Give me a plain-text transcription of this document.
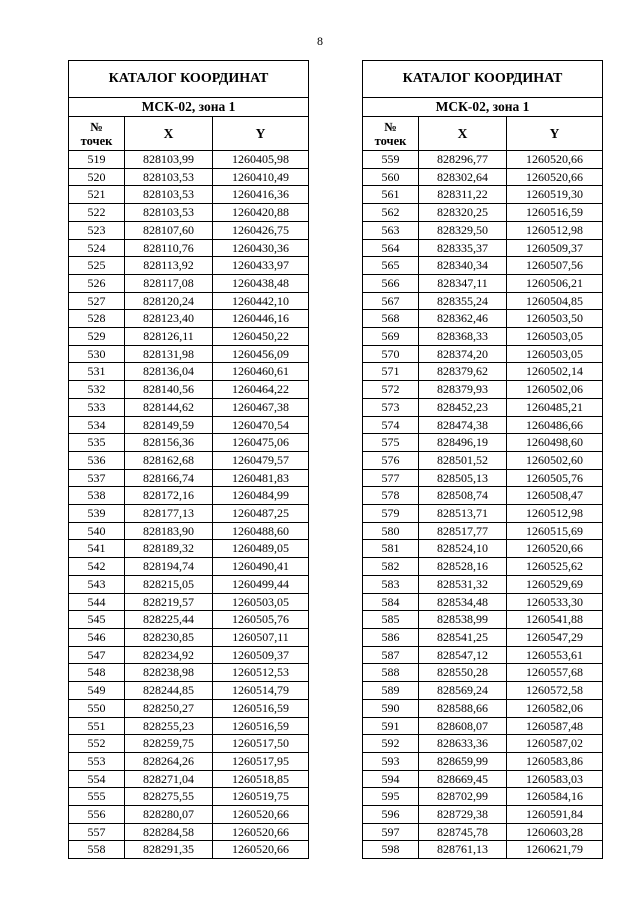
8
КАТАЛОГ КООРДИНАТ		
МСК-02, зона 1		
№
точек	X	Y
519	828103,99	1260405,98
520	828103,53	1260410,49
521	828103,53	1260416,36
522	828103,53	1260420,88
523	828107,60	1260426,75
524	828110,76	1260430,36
525	828113,92	1260433,97
526	828117,08	1260438,48
527	828120,24	1260442,10
528	828123,40	1260446,16
529	828126,11	1260450,22
530	828131,98	1260456,09
531	828136,04	1260460,61
532	828140,56	1260464,22
533	828144,62	1260467,38
534	828149,59	1260470,54
535	828156,36	1260475,06
536	828162,68	1260479,57
537	828166,74	1260481,83
538	828172,16	1260484,99
539	828177,13	1260487,25
540	828183,90	1260488,60
541	828189,32	1260489,05
542	828194,74	1260490,41
543	828215,05	1260499,44
544	828219,57	1260503,05
545	828225,44	1260505,76
546	828230,85	1260507,11
547	828234,92	1260509,37
548	828238,98	1260512,53
549	828244,85	1260514,79
550	828250,27	1260516,59
551	828255,23	1260516,59
552	828259,75	1260517,50
553	828264,26	1260517,95
554	828271,04	1260518,85
555	828275,55	1260519,75
556	828280,07	1260520,66
557	828284,58	1260520,66
558	828291,35	1260520,66
КАТАЛОГ КООРДИНАТ		
МСК-02, зона 1		
№
точек	X	Y
559	828296,77	1260520,66
560	828302,64	1260520,66
561	828311,22	1260519,30
562	828320,25	1260516,59
563	828329,50	1260512,98
564	828335,37	1260509,37
565	828340,34	1260507,56
566	828347,11	1260506,21
567	828355,24	1260504,85
568	828362,46	1260503,50
569	828368,33	1260503,05
570	828374,20	1260503,05
571	828379,62	1260502,14
572	828379,93	1260502,06
573	828452,23	1260485,21
574	828474,38	1260486,66
575	828496,19	1260498,60
576	828501,52	1260502,60
577	828505,13	1260505,76
578	828508,74	1260508,47
579	828513,71	1260512,98
580	828517,77	1260515,69
581	828524,10	1260520,66
582	828528,16	1260525,62
583	828531,32	1260529,69
584	828534,48	1260533,30
585	828538,99	1260541,88
586	828541,25	1260547,29
587	828547,12	1260553,61
588	828550,28	1260557,68
589	828569,24	1260572,58
590	828588,66	1260582,06
591	828608,07	1260587,48
592	828633,36	1260587,02
593	828659,99	1260583,86
594	828669,45	1260583,03
595	828702,99	1260584,16
596	828729,38	1260591,84
597	828745,78	1260603,28
598	828761,13	1260621,79
